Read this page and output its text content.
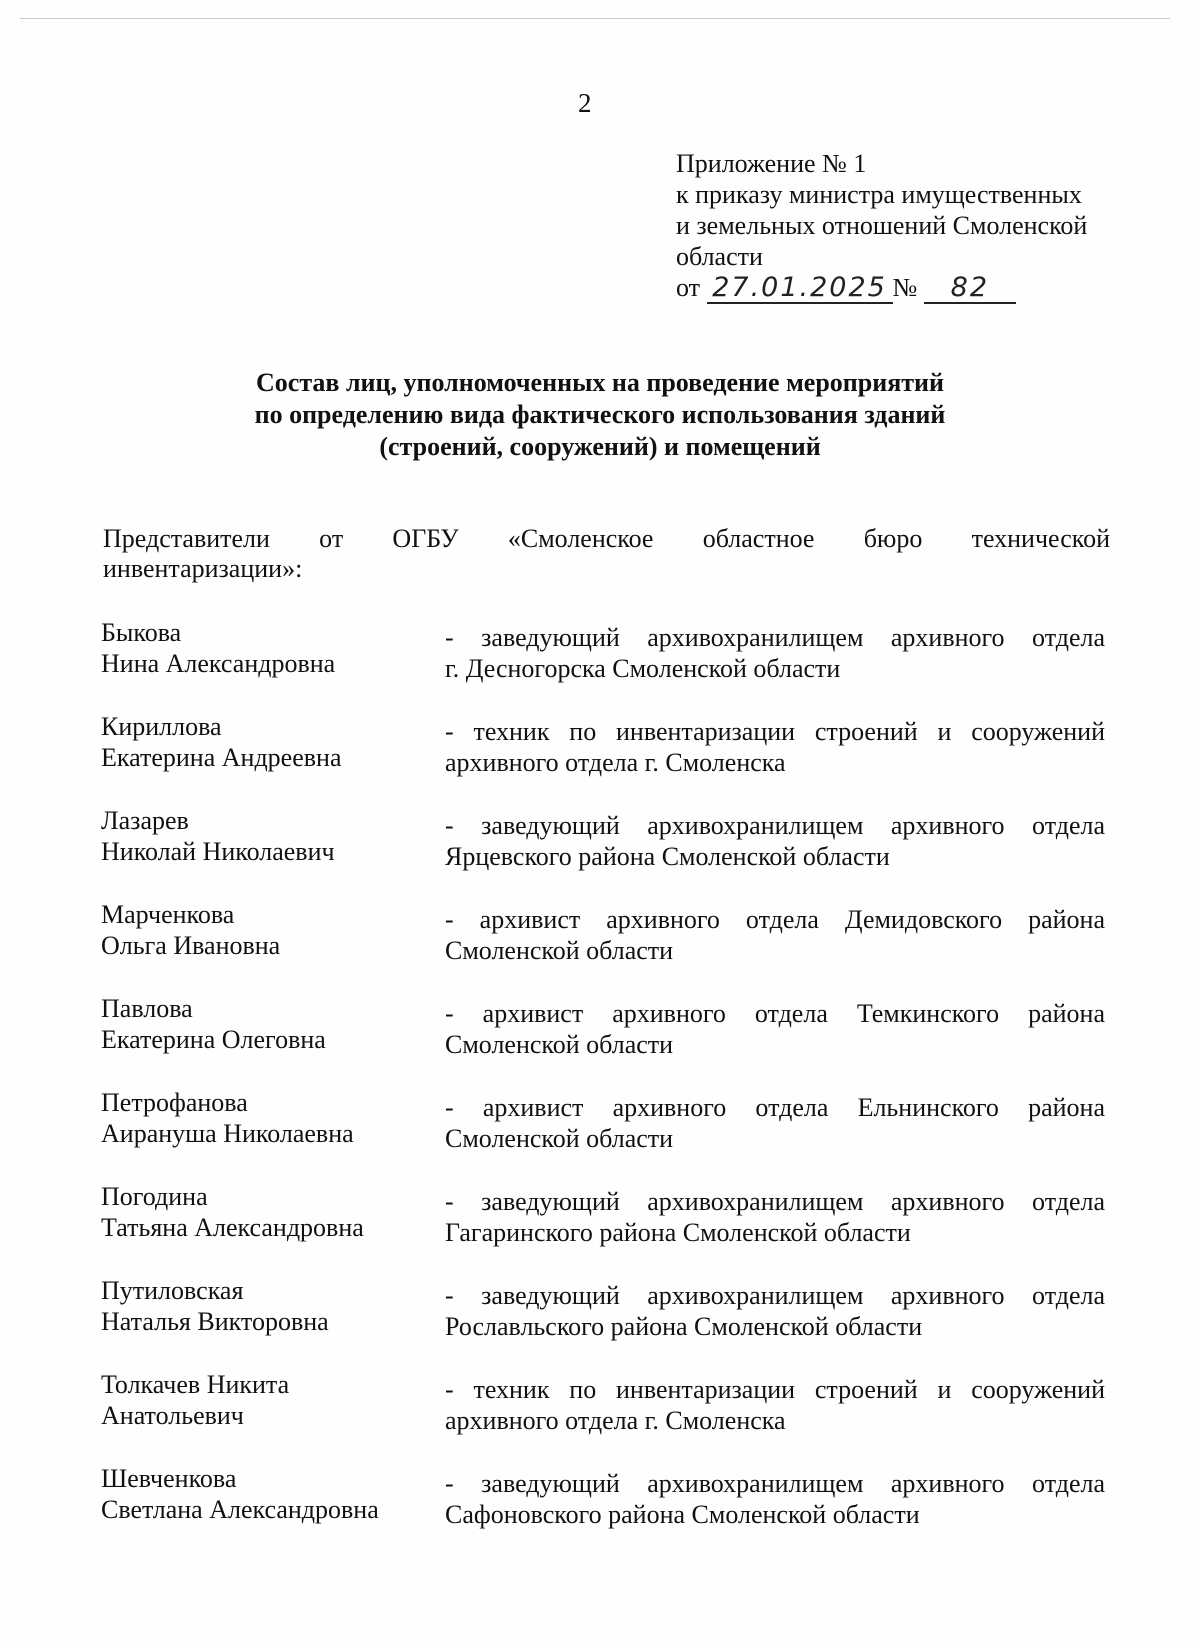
2
Приложение № 1
к приказу министра имущественных
и земельных отношений Смоленской
области
от 27.01.2025 № 82
Состав лиц, уполномоченных на проведение мероприятий
по определению вида фактического использования зданий
(строений, сооружений) и помещений
Представители от ОГБУ «Смоленское областное бюро технической
инвентаризации»:
Быкова
Нина Александровна
- заведующий архивохранилищем архивного отдела
г. Десногорска Смоленской области
Кириллова
Екатерина Андреевна
- техник по инвентаризации строений и сооружений
архивного отдела г. Смоленска
Лазарев
Николай Николаевич
- заведующий архивохранилищем архивного отдела
Ярцевского района Смоленской области
Марченкова
Ольга Ивановна
- архивист архивного отдела Демидовского района
Смоленской области
Павлова
Екатерина Олеговна
- архивист архивного отдела Темкинского района
Смоленской области
Петрофанова
Аирануша Николаевна
- архивист архивного отдела Ельнинского района
Смоленской области
Погодина
Татьяна Александровна
- заведующий архивохранилищем архивного отдела
Гагаринского района Смоленской области
Путиловская
Наталья Викторовна
- заведующий архивохранилищем архивного отдела
Рославльского района Смоленской области
Толкачев Никита
Анатольевич
- техник по инвентаризации строений и сооружений
архивного отдела г. Смоленска
Шевченкова
Светлана Александровна
- заведующий архивохранилищем архивного отдела
Сафоновского района Смоленской области
